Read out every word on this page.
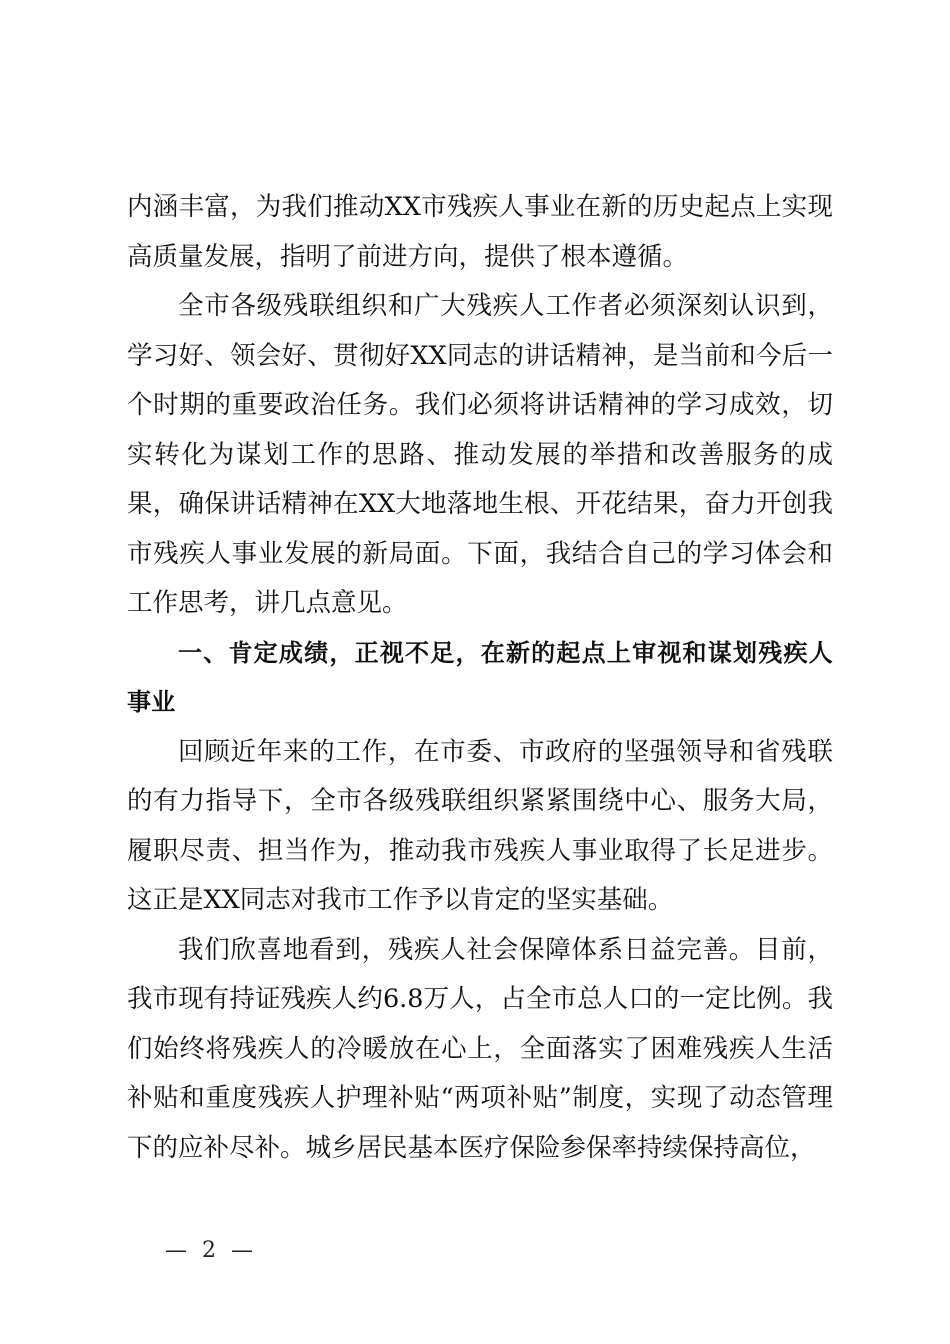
内涵丰富，为我们推动XX市残疾人事业在新的历史起点上实现高质量发展，指明了前进方向，提供了根本遵循。

全市各级残联组织和广大残疾人工作者必须深刻认识到，学习好、领会好、贯彻好XX同志的讲话精神，是当前和今后一个时期的重要政治任务。我们必须将讲话精神的学习成效，切实转化为谋划工作的思路、推动发展的举措和改善服务的成果，确保讲话精神在XX大地落地生根、开花结果，奋力开创我市残疾人事业发展的新局面。下面，我结合自己的学习体会和工作思考，讲几点意见。

一、肯定成绩，正视不足，在新的起点上审视和谋划残疾人事业

回顾近年来的工作，在市委、市政府的坚强领导和省残联的有力指导下，全市各级残联组织紧紧围绕中心、服务大局，履职尽责、担当作为，推动我市残疾人事业取得了长足进步。这正是XX同志对我市工作予以肯定的坚实基础。

我们欣喜地看到，残疾人社会保障体系日益完善。目前，我市现有持证残疾人约6.8万人，占全市总人口的一定比例。我们始终将残疾人的冷暖放在心上，全面落实了困难残疾人生活补贴和重度残疾人护理补贴“两项补贴”制度，实现了动态管理下的应补尽补。城乡居民基本医疗保险参保率持续保持高位，

— 2 —
